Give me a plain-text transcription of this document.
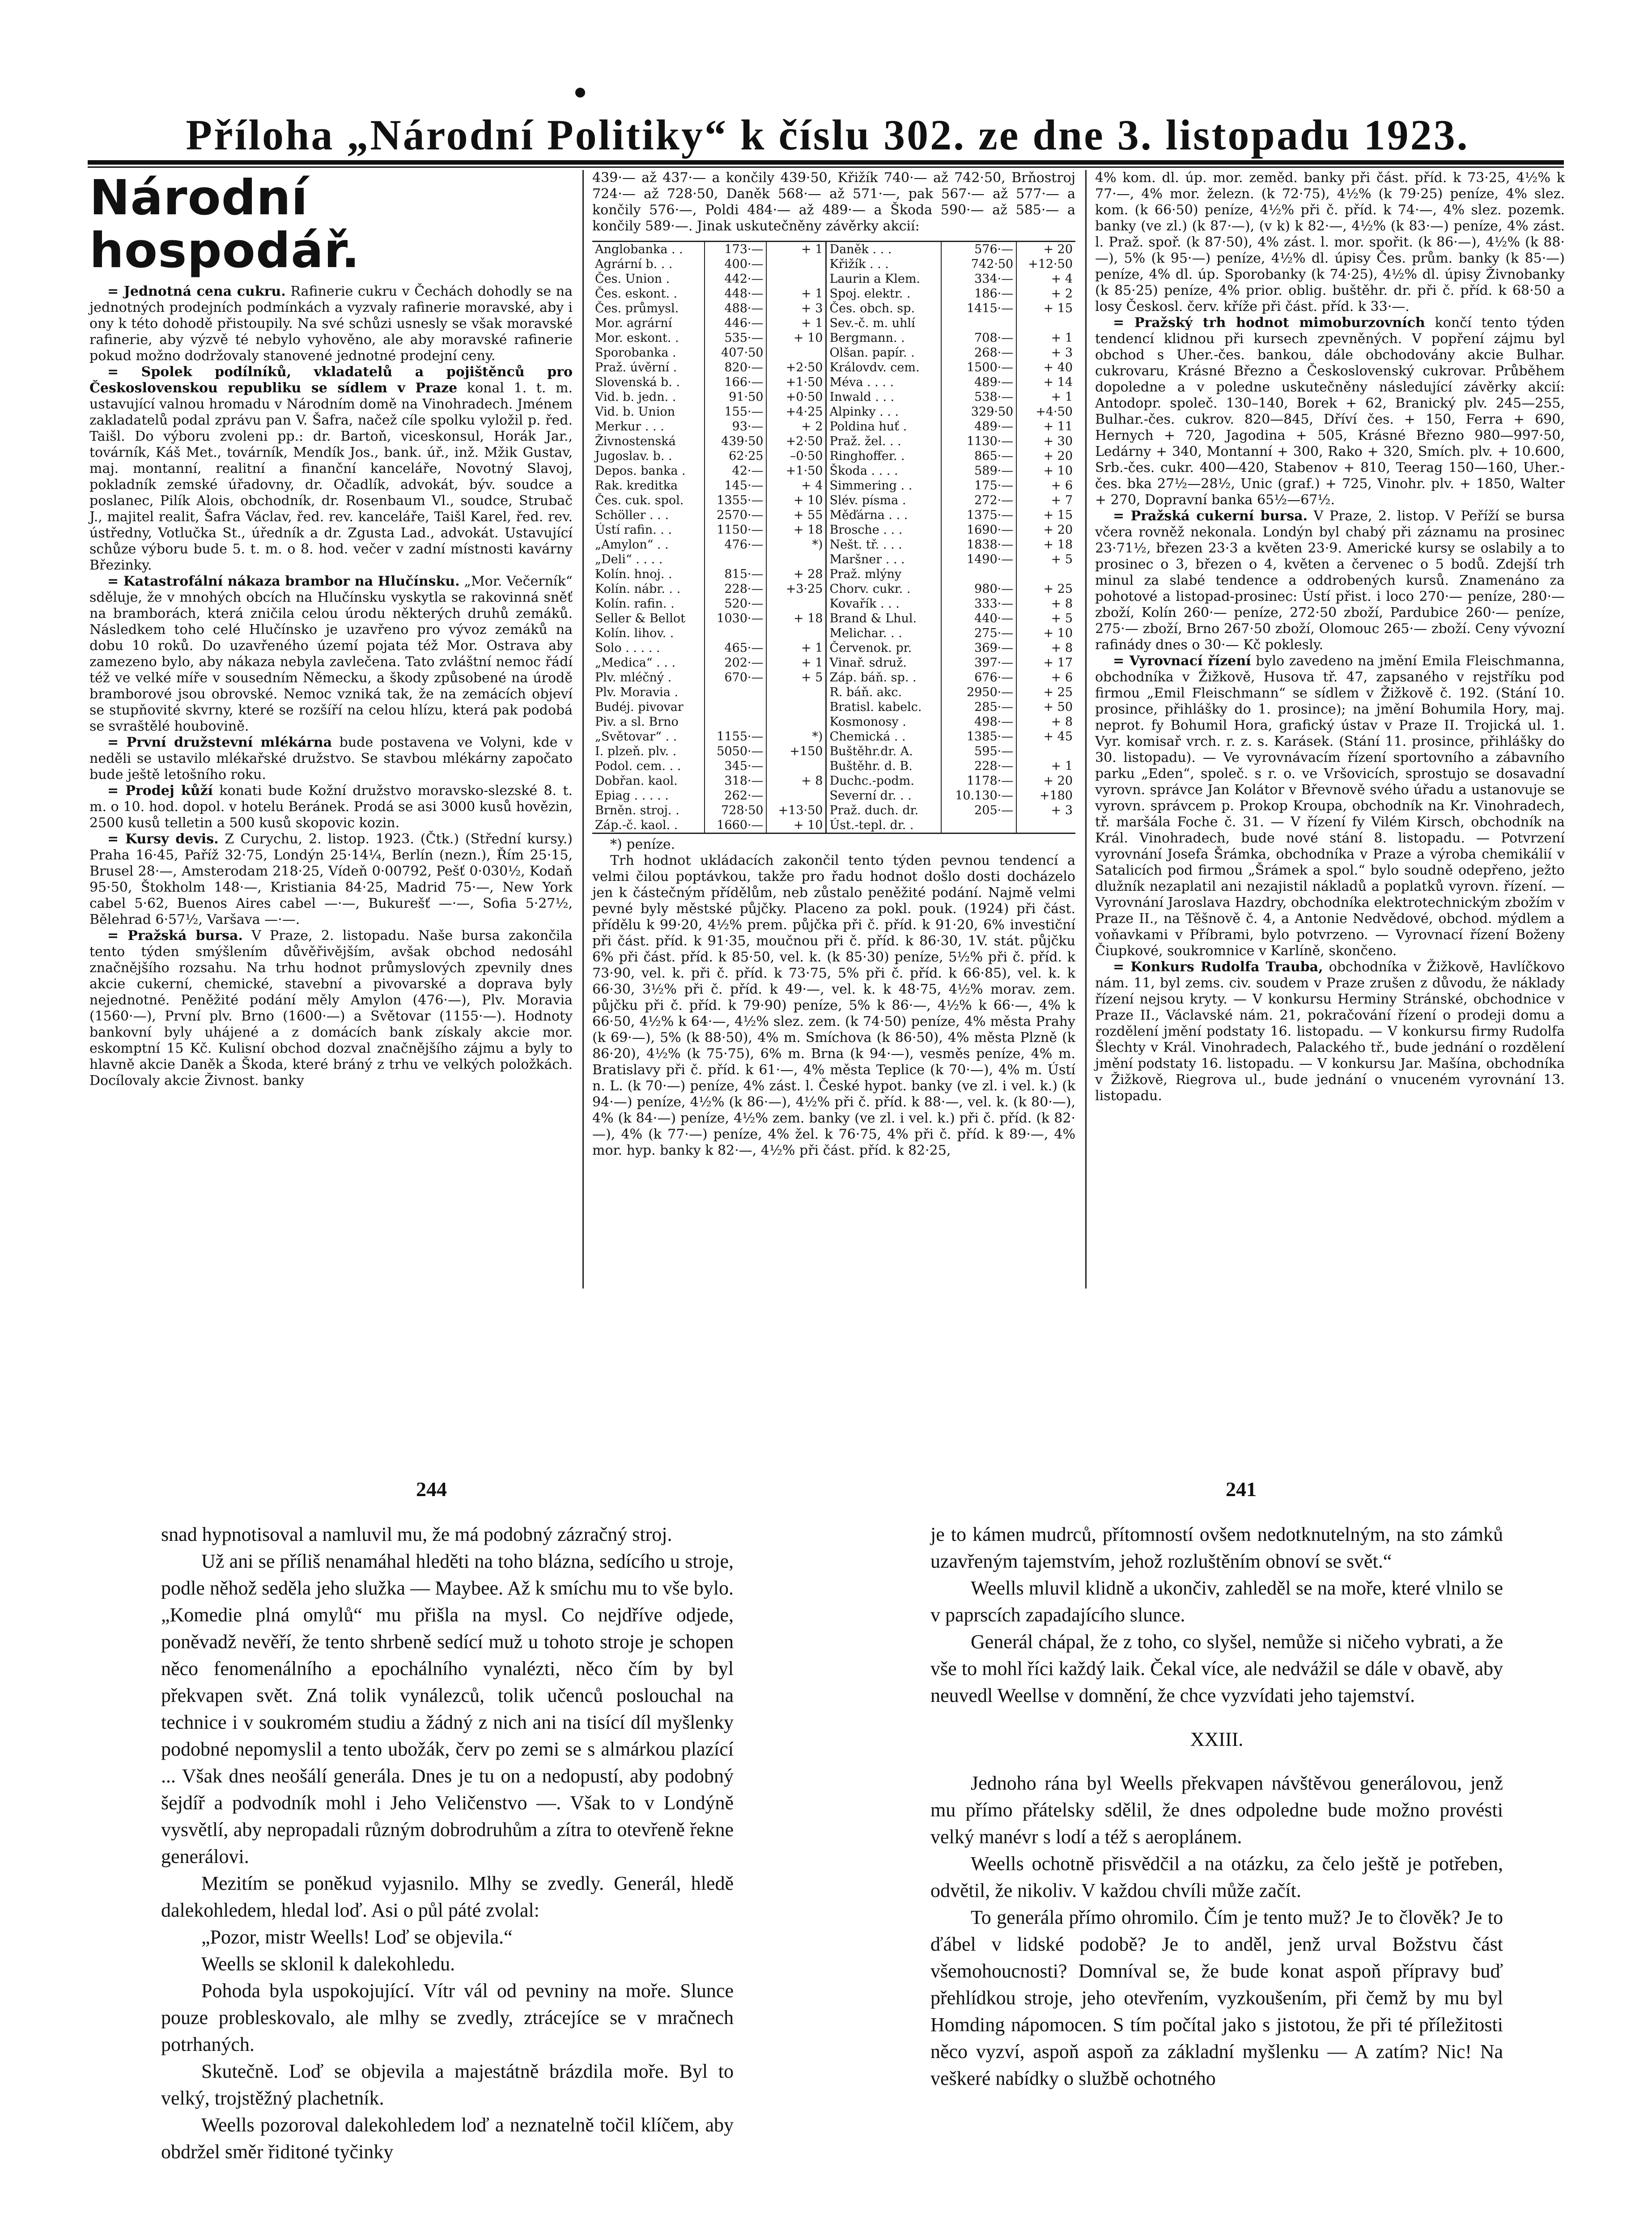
Příloha „Národní Politiky“ k číslu 302. ze dne 3. listopadu 1923.
Národní hospodář.

= Jednotná cena cukru. Rafinerie cukru v Čechách dohodly se na jednotných prodejních podmínkách a vyzvaly rafinerie moravské, aby i ony k této dohodě přistoupily. Na své schůzi usnesly se však moravské rafinerie, aby výzvě té nebylo vyhověno, ale aby moravské rafinerie pokud možno dodržovaly stanovené jednotné prodejní ceny.

= Spolek podílníků, vkladatelů a pojištěnců pro Československou republiku se sídlem v Praze konal 1. t. m. ustavující valnou hromadu v Národním domě na Vinohradech. Jménem zakladatelů podal zprávu pan V. Šafra, načež cíle spolku vyložil p. řed. Taišl. Do výboru zvoleni pp.: dr. Bartoň, viceskonsul, Horák Jar., továrník, Káš Met., továrník, Mendík Jos., bank. úř., inž. Mžik Gustav, maj. montanní, realitní a finanční kanceláře, Novotný Slavoj, pokladník zemské úřadovny, dr. Očadlík, advokát, býv. soudce a poslanec, Pilík Alois, obchodník, dr. Rosenbaum Vl., soudce, Strubač J., majitel realit, Šafra Václav, řed. rev. kanceláře, Taišl Karel, řed. rev. ústředny, Votlučka St., úředník a dr. Zgusta Lad., advokát. Ustavující schůze výboru bude 5. t. m. o 8. hod. večer v zadní místnosti kavárny Březinky.

= Katastrofální nákaza brambor na Hlučínsku. „Mor. Večerník“ sděluje, že v mnohých obcích na Hlučínsku vyskytla se rakovinná sněť na bramborách, která zničila celou úrodu některých druhů zemáků. Následkem toho celé Hlučínsko je uzavřeno pro vývoz zemáků na dobu 10 roků. Do uzavřeného území pojata též Mor. Ostrava aby zamezeno bylo, aby nákaza nebyla zavlečena. Tato zvláštní nemoc řádí též ve velké míře v sousedním Německu, a škody způsobené na úrodě bramborové jsou obrovské. Nemoc vzniká tak, že na zemácích objeví se stupňovité skvrny, které se rozšíří na celou hlízu, která pak podobá se svraštělé houbovině.

= První družstevní mlékárna bude postavena ve Volyni, kde v neděli se ustavilo mlékařské družstvo. Se stavbou mlékárny započato bude ještě letošního roku.

= Prodej kůží konati bude Kožní družstvo moravsko-slezské 8. t. m. o 10. hod. dopol. v hotelu Beránek. Prodá se asi 3000 kusů hovězin, 2500 kusů telletin a 500 kusů skopovic kozin.

= Kursy devis. Z Curychu, 2. listop. 1923. (Čtk.) (Střední kursy.) Praha 16·45, Paříž 32·75, Londýn 25·14¼, Berlín (nezn.), Řím 25·15, Brusel 28·—, Amsterodam 218·25, Vídeň 0·00792, Pešť 0·030½, Kodaň 95·50, Štokholm 148·—, Kristiania 84·25, Madrid 75·—, New York cabel 5·62, Buenos Aires cabel —·—, Bukurešť —·—, Sofia 5·27½, Bělehrad 6·57½, Varšava —·—.

= Pražská bursa. V Praze, 2. listopadu. Naše bursa zakončila tento týden smýšlením důvěřivějším, avšak obchod nedosáhl značnějšího rozsahu. Na trhu hodnot průmyslových zpevnily dnes akcie cukerní, chemické, stavební a pivovarské a doprava byly nejednotné. Peněžité podání měly Amylon (476·—), Plv. Moravia (1560·—), První plv. Brno (1600·—) a Světovar (1155·—). Hodnoty bankovní byly uhájené a z domácích bank získaly akcie mor. eskomptní 15 Kč. Kulisní obchod dozval značnějšího zájmu a byly to hlavně akcie Daněk a Škoda, které bráný z trhu ve velkých položkách. Docílovaly akcie Živnost. banky

439·— až 437·— a končily 439·50, Křižík 740·— až 742·50, Brňostroj 724·— až 728·50, Daněk 568·— až 571·—, pak 567·— až 577·— a končily 576·—, Poldi 484·— až 489·— a Škoda 590·— až 585·— a končily 589·—. Jinak uskutečněny závěrky akcií:

Anglobanka . .	173·—	+ 1	Daněk . . .	576·—	+ 20
Agrární b. . .	400·—		Křižík . . .	742·50	+12·50
Čes. Union .	442·—		Laurin a Klem.	334·—	+ 4
Čes. eskont. .	448·—	+ 1	Spoj. elektr. .	186·—	+ 2
Čes. průmysl.	488·—	+ 3	Čes. obch. sp.	1415·—	+ 15
Mor. agrární	446·—	+ 1	Sev.-č. m. uhlí		
Mor. eskont. .	535·—	+ 10	Bergmann. .	708·—	+ 1
Sporobanka .	407·50		Olšan. papír. .	268·—	+ 3
Praž. úvěrní .	820·—	+2·50	Královdv. cem.	1500·—	+ 40
Slovenská b. .	166·—	+1·50	Méva . . . .	489·—	+ 14
Vid. b. jedn. .	91·50	+0·50	Inwald . . .	538·—	+ 1
Vid. b. Union	155·—	+4·25	Alpinky . . .	329·50	+4·50
Merkur . . .	93·—	+ 2	Poldina huť .	489·—	+ 11
Živnostenská	439·50	+2·50	Praž. žel. . .	1130·—	+ 30
Jugoslav. b. .	62·25	–0·50	Ringhoffer. .	865·—	+ 20
Depos. banka .	42·—	+1·50	Škoda . . . .	589·—	+ 10
Rak. kreditka	145·—	+ 4	Simmering . .	175·—	+ 6
Čes. cuk. spol.	1355·—	+ 10	Slév. písma .	272·—	+ 7
Schöller . . .	2570·—	+ 55	Měďárna . . .	1375·—	+ 15
Ústí rafin. . .	1150·—	+ 18	Brosche . . .	1690·—	+ 20
„Amylon“ . .	476·—	*)	Nešt. tř. . . .	1838·—	+ 18
„Deli“ . . . .			Maršner . . .	1490·—	+ 5
Kolín. hnoj. .	815·—	+ 28	Praž. mlýny		
Kolín. nábr. . .	228·—	+3·25	Chorv. cukr. .	980·—	+ 25
Kolín. rafin. .	520·—		Kovařík . . .	333·—	+ 8
Seller & Bellot	1030·—	+ 18	Brand & Lhul.	440·—	+ 5
Kolín. lihov. .			Melichar. . .	275·—	+ 10
Solo . . . . .	465·—	+ 1	Červenok. pr.	369·—	+ 8
„Medica“ . . .	202·—	+ 1	Vinař. sdruž.	397·—	+ 17
Plv. mléčný .	670·—	+ 5	Záp. báň. sp. .	676·—	+ 6
Plv. Moravia .			R. báň. akc.	2950·—	+ 25
Budéj. pivovar			Bratisl. kabelc.	285·—	+ 50
Piv. a sl. Brno			Kosmonosy .	498·—	+ 8
„Světovar“ . .	1155·—	*)	Chemická . .	1385·—	+ 45
I. plzeň. plv. .	5050·—	+150	Buštěhr.dr. A.	595·—	
Podol. cem. . .	345·—		Buštěhr. d. B.	228·—	+ 1
Dobřan. kaol.	318·—	+ 8	Duchc.-podm.	1178·—	+ 20
Epiag . . . . .	262·—		Severní dr. . .	10.130·—	+180
Brněn. stroj. .	728·50	+13·50	Praž. duch. dr.	205·—	+ 3
Záp.-č. kaol. .	1660·—	+ 10	Úst.-tepl. dr. .		

*) peníze.

Trh hodnot ukládacích zakončil tento týden pevnou tendencí a velmi čilou poptávkou, takže pro řadu hodnot došlo dosti docházelo jen k částečným přídělům, neb zůstalo peněžité podání. Najmě velmi pevné byly městské půjčky. Placeno za pokl. pouk. (1924) při část. přídělu k 99·20, 4½% prem. půjčka při č. příd. k 91·20, 6% investiční při část. příd. k 91·35, moučnou při č. příd. k 86·30, 1V. stát. půjčku 6% při část. příd. k 85·50, vel. k. (k 85·30) peníze, 5½% při č. příd. k 73·90, vel. k. při č. příd. k 73·75, 5% při č. příd. k 66·85), vel. k. k 66·30, 3½% při č. příd. k 49·—, vel. k. k 48·75, 4½% morav. zem. půjčku při č. příd. k 79·90) peníze, 5% k 86·—, 4½% k 66·—, 4% k 66·50, 4½% k 64·—, 4½% slez. zem. (k 74·50) peníze, 4% města Prahy (k 69·—), 5% (k 88·50), 4% m. Smíchova (k 86·50), 4% města Plzně (k 86·20), 4½% (k 75·75), 6% m. Brna (k 94·—), vesměs peníze, 4% m. Bratislavy při č. příd. k 61·—, 4% města Teplice (k 70·—), 4% m. Ústí n. L. (k 70·—) peníze, 4% zást. l. České hypot. banky (ve zl. i vel. k.) (k 94·—) peníze, 4½% (k 86·—), 4½% při č. příd. k 88·—, vel. k. (k 80·—), 4% (k 84·—) peníze, 4½% zem. banky (ve zl. i vel. k.) při č. příd. (k 82·—), 4% (k 77·—) peníze, 4% žel. k 76·75, 4% při č. příd. k 89·—, 4% mor. hyp. banky k 82·—, 4½% při část. příd. k 82·25,

4% kom. dl. úp. mor. zeměd. banky při část. příd. k 73·25, 4½% k 77·—, 4% mor. železn. (k 72·75), 4½% (k 79·25) peníze, 4% slez. kom. (k 66·50) peníze, 4½% při č. příd. k 74·—, 4% slez. pozemk. banky (ve zl.) (k 87·—), (v k) k 82·—, 4½% (k 83·—) peníze, 4% zást. l. Praž. spoř. (k 87·50), 4% zást. l. mor. spořit. (k 86·—), 4½% (k 88·—), 5% (k 95·—) peníze, 4½% dl. úpisy Čes. prům. banky (k 85·—) peníze, 4% dl. úp. Sporobanky (k 74·25), 4½% dl. úpisy Živnobanky (k 85·25) peníze, 4% prior. oblig. buštěhr. dr. při č. příd. k 68·50 a losy Českosl. červ. kříže při část. příd. k 33·—.

= Pražský trh hodnot mimoburzovních končí tento týden tendencí klidnou při kursech zpevněných. V popření zájmu byl obchod s Uher.-čes. bankou, dále obchodovány akcie Bulhar. cukrovaru, Krásné Březno a Československý cukrovar. Průběhem dopoledne a v poledne uskutečněny následující závěrky akcií: Antodopr. společ. 130–140, Borek + 62, Branický plv. 245—255, Bulhar.-čes. cukrov. 820—845, Dříví čes. + 150, Ferra + 690, Hernych + 720, Jagodina + 505, Krásné Březno 980—997·50, Ledárny + 340, Montanní + 300, Rako + 320, Smích. plv. + 10.600, Srb.-čes. cukr. 400—420, Stabenov + 810, Teerag 150—160, Uher.-čes. bka 27½—28½, Unic (graf.) + 725, Vinohr. plv. + 1850, Walter + 270, Dopravní banka 65½—67½.

= Pražská cukerní bursa. V Praze, 2. listop. V Peříží se bursa včera rovněž nekonala. Londýn byl chabý při záznamu na prosinec 23·71½, březen 23·3 a květen 23·9. Americké kursy se oslabily a to prosinec o 3, březen o 4, květen a červenec o 5 bodů. Zdejší trh minul za slabé tendence a oddrobených kursů. Znamenáno za pohotové a listopad-prosinec: Ústí přist. i loco 270·— peníze, 280·— zboží, Kolín 260·— peníze, 272·50 zboží, Pardubice 260·— peníze, 275·— zboží, Brno 267·50 zboží, Olomouc 265·— zboží. Ceny vývozní rafinády dnes o 30·— Kč poklesly.

= Vyrovnací řízení bylo zavedeno na jmění Emila Fleischmanna, obchodníka v Žižkově, Husova tř. 47, zapsaného v rejstříku pod firmou „Emil Fleischmann“ se sídlem v Žižkově č. 192. (Stání 10. prosince, přihlášky do 1. prosince); na jmění Bohumila Hory, maj. neprot. fy Bohumil Hora, grafický ústav v Praze II. Trojická ul. 1. Vyr. komisař vrch. r. z. s. Karásek. (Stání 11. prosince, přihlášky do 30. listopadu). — Ve vyrovnávacím řízení sportovního a zábavního parku „Eden“, společ. s r. o. ve Vršovicích, sprostujo se dosavadní vyrovn. správce Jan Kolátor v Břevnově svého úřadu a ustanovuje se vyrovn. správcem p. Prokop Kroupa, obchodník na Kr. Vinohradech, tř. maršála Foche č. 31. — V řízení fy Vilém Kirsch, obchodník na Král. Vinohradech, bude nové stání 8. listopadu. — Potvrzení vyrovnání Josefa Šrámka, obchodníka v Praze a výroba chemikálií v Satalicích pod firmou „Šrámek a spol.“ bylo soudně odepřeno, ježto dlužník nezaplatil ani nezajistil nákladů a poplatků vyrovn. řízení. — Vyrovnání Jaroslava Hazdry, obchodníka elektrotechnickým zbožím v Praze II., na Těšnově č. 4, a Antonie Nedvědové, obchod. mýdlem a voňavkami v Příbrami, bylo potvrzeno. — Vyrovnací řízení Boženy Čiupkové, soukromnice v Karlíně, skončeno.

= Konkurs Rudolfa Trauba, obchodníka v Žižkově, Havlíčkovo nám. 11, byl zems. civ. soudem v Praze zrušen z důvodu, že náklady řízení nejsou kryty. — V konkursu Herminy Stránské, obchodnice v Praze II., Václavské nám. 21, pokračování řízení o prodeji domu a rozdělení jmění podstaty 16. listopadu. — V konkursu firmy Rudolfa Šlechty v Král. Vinohradech, Palackého tř., bude jednání o rozdělení jmění podstaty 16. listopadu. — V konkursu Jar. Mašína, obchodníka v Žižkově, Riegrova ul., bude jednání o vnuceném vyrovnání 13. listopadu.

244	241

snad hypnotisoval a namluvil mu, že má podobný zázračný stroj.

Už ani se příliš nenamáhal hleděti na toho blázna, sedícího u stroje, podle něhož seděla jeho služka — Maybee. Až k smíchu mu to vše bylo. „Komedie plná omylů“ mu přišla na mysl. Co nejdříve odjede, poněvadž nevěří, že tento shrbeně sedící muž u tohoto stroje je schopen něco fenomenálního a epochálního vynalézti, něco čím by byl překvapen svět. Zná tolik vynálezců, tolik učenců poslouchal na technice i v soukromém studiu a žádný z nich ani na tisící díl myšlenky podobné nepomyslil a tento ubožák, červ po zemi se s almárkou plazící ... Však dnes neošálí generála. Dnes je tu on a nedopustí, aby podobný šejdíř a podvodník mohl i Jeho Veličenstvo —. Však to v Londýně vysvětlí, aby nepropadali různým dobrodruhům a zítra to otevřeně řekne generálovi.

Mezitím se poněkud vyjasnilo. Mlhy se zvedly. Generál, hledě dalekohledem, hledal loď. Asi o půl páté zvolal:

„Pozor, mistr Weells! Loď se objevila.“

Weells se sklonil k dalekohledu.

Pohoda byla uspokojující. Vítr vál od pevniny na moře. Slunce pouze probleskovalo, ale mlhy se zvedly, ztrácejíce se v mračnech potrhaných.

Skutečně. Loď se objevila a majestátně brázdila moře. Byl to velký, trojstěžný plachetník.

Weells pozoroval dalekohledem loď a neznatelně točil klíčem, aby obdržel směr řiditoné tyčinky

je to kámen mudrců, přítomností ovšem nedotknutelným, na sto zámků uzavřeným tajemstvím, jehož rozluštěním obnoví se svět.“

Weells mluvil klidně a ukončiv, zahleděl se na moře, které vlnilo se v paprscích zapadajícího slunce.

Generál chápal, že z toho, co slyšel, nemůže si ničeho vybrati, a že vše to mohl říci každý laik. Čekal více, ale nedvážil se dále v obavě, aby neuvedl Weellse v domnění, že chce vyzvídati jeho tajemství.

XXIII.

Jednoho rána byl Weells překvapen návštěvou generálovou, jenž mu přímo přátelsky sdělil, že dnes odpoledne bude možno provésti velký manévr s lodí a též s aeroplánem.

Weells ochotně přisvědčil a na otázku, za čelo ještě je potřeben, odvětil, že nikoliv. V každou chvíli může začít.

To generála přímo ohromilo. Čím je tento muž? Je to člověk? Je to ďábel v lidské podobě? Je to anděl, jenž urval Božstvu část všemohoucnosti? Domníval se, že bude konat aspoň přípravy buď přehlídkou stroje, jeho otevřením, vyzkoušením, při čemž by mu byl Homding nápomocen. S tím počítal jako s jistotou, že při té příležitosti něco vyzví, aspoň aspoň za základní myšlenku — A zatím? Nic! Na veškeré nabídky o službě ochotného
